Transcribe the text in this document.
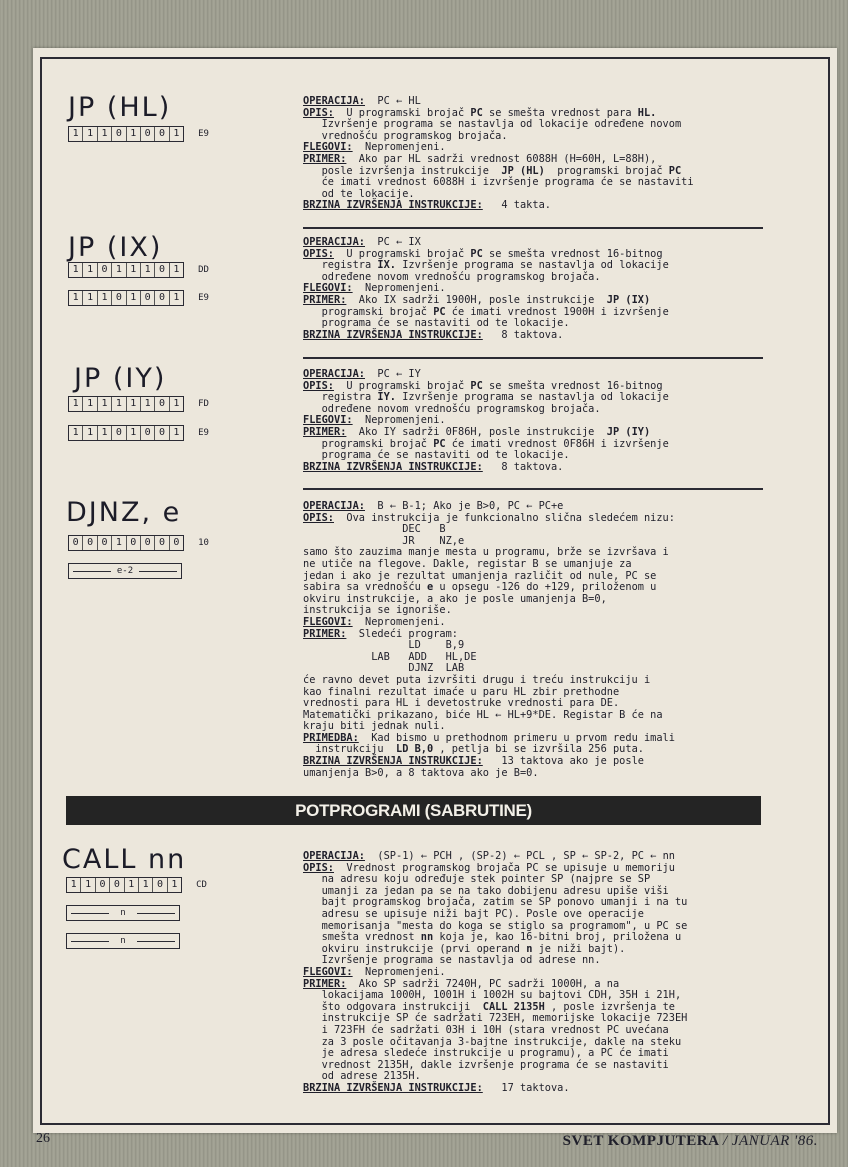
JP (HL)
1 1 1 0 1 0 0 1	E9
OPERACIJA:  PC ← HL
OPIS:  U programski brojač PC se smešta vrednost para HL.
Izvršenje programa se nastavlja od lokacije određene novom
vrednošću programskog brojača.
FLEGOVI:  Nepromenjeni.
PRIMER:  Ako par HL sadrži vrednost 6088H (H=60H, L=88H),
posle izvršenja instrukcije  JP (HL)  programski brojač PC
će imati vrednost 6088H i izvršenje programa će se nastaviti
od te lokacije.
BRZINA IZVRŠENJA INSTRUKCIJE:   4 takta.
JP (IX)
1 1 0 1 1 1 0 1	DD
1 1 1 0 1 0 0 1	E9
OPERACIJA:  PC ← IX
OPIS:  U programski brojač PC se smešta vrednost 16-bitnog
registra IX. Izvršenje programa se nastavlja od lokacije
određene novom vrednošću programskog brojača.
FLEGOVI:  Nepromenjeni.
PRIMER:  Ako IX sadrži 1900H, posle instrukcije  JP (IX)
programski brojač PC će imati vrednost 1900H i izvršenje
programa će se nastaviti od te lokacije.
BRZINA IZVRŠENJA INSTRUKCIJE:   8 taktova.
JP (IY)
1 1 1 1 1 1 0 1	FD
1 1 1 0 1 0 0 1	E9
OPERACIJA:  PC ← IY
OPIS:  U programski brojač PC se smešta vrednost 16-bitnog
registra IY. Izvršenje programa se nastavlja od lokacije
određene novom vrednošću programskog brojača.
FLEGOVI:  Nepromenjeni.
PRIMER:  Ako IY sadrži 0F86H, posle instrukcije  JP (IY)
programski brojač PC će imati vrednost 0F86H i izvršenje
programa će se nastaviti od te lokacije.
BRZINA IZVRŠENJA INSTRUKCIJE:   8 taktova.
DJNZ, e
0 0 0 1 0 0 0 0	10
e-2
OPERACIJA:  B ← B-1; Ako je B>0, PC ← PC+e
OPIS:  Ova instrukcija je funkcionalno slična sledećem nizu:
DEC   B
JR    NZ,e
samo što zauzima manje mesta u programu, brže se izvršava i
ne utiče na flegove. Dakle, registar B se umanjuje za
jedan i ako je rezultat umanjenja različit od nule, PC se
sabira sa vrednošću e u opsegu -126 do +129, priloženom u
okviru instrukcije, a ako je posle umanjenja B=0,
instrukcija se ignoriše.
FLEGOVI:  Nepromenjeni.
PRIMER:  Sledeći program:
LD    B,9
LAB   ADD   HL,DE
DJNZ  LAB
će ravno devet puta izvršiti drugu i treću instrukciju i
kao finalni rezultat imaće u paru HL zbir prethodne
vrednosti para HL i devetostruke vrednosti para DE.
Matematički prikazano, biće HL ← HL+9*DE. Registar B će na
kraju biti jednak nuli.
PRIMEDBA:  Kad bismo u prethodnom primeru u prvom redu imali
instrukciju  LD B,0 , petlja bi se izvršila 256 puta.
BRZINA IZVRŠENJA INSTRUKCIJE:   13 taktova ako je posle
umanjenja B>0, a 8 taktova ako je B=0.
POTPROGRAMI (SABRUTINE)
CALL nn
1 1 0 0 1 1 0 1	CD
n
n
OPERACIJA:  (SP-1) ← PCH , (SP-2) ← PCL , SP ← SP-2, PC ← nn
OPIS:  Vrednost programskog brojača PC se upisuje u memoriju
na adresu koju određuje stek pointer SP (najpre se SP
umanji za jedan pa se na tako dobijenu adresu upiše viši
bajt programskog brojača, zatim se SP ponovo umanji i na tu
adresu se upisuje niži bajt PC). Posle ove operacije
memorisanja "mesta do koga se stiglo sa programom", u PC se
smešta vrednost nn koja je, kao 16-bitni broj, priložena u
okviru instrukcije (prvi operand n je niži bajt).
Izvršenje programa se nastavlja od adrese nn.
FLEGOVI:  Nepromenjeni.
PRIMER:  Ako SP sadrži 7240H, PC sadrži 1000H, a na
lokacijama 1000H, 1001H i 1002H su bajtovi CDH, 35H i 21H,
što odgovara instrukciji  CALL 2135H , posle izvršenja te
instrukcije SP će sadržati 723EH, memorijske lokacije 723EH
i 723FH će sadržati 03H i 10H (stara vrednost PC uvećana
za 3 posle očitavanja 3-bajtne instrukcije, dakle na steku
je adresa sledeće instrukcije u programu), a PC će imati
vrednost 2135H, dakle izvršenje programa će se nastaviti
od adrese 2135H.
BRZINA IZVRŠENJA INSTRUKCIJE:   17 taktova.
26	SVET KOMPJUTERA / JANUAR '86.
